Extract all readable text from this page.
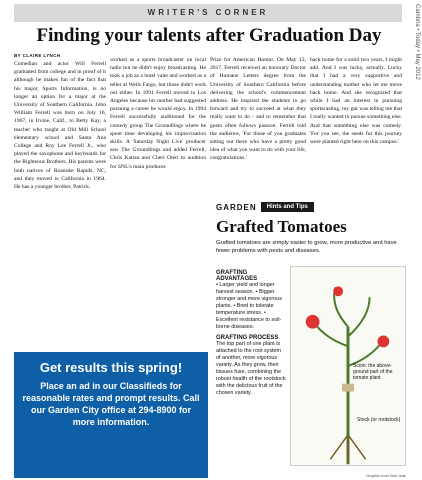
WRITER'S CORNER	Cambria • Today • May 2012
Finding your talents after Graduation Day
BY CLAIRE LYNCH
Comedian and actor Will Ferrell graduated from college and in proof of it although he makes fun of the fact that his major, Sports Information, is no longer an option for a major at the University of Southern California. John William Ferrell was born on July 16, 1967, in Irvine, Calif., to Betty Kay, a teacher who taught at Old Mill School elementary school and Santa Ana College and Roy Lee Ferrell Jr., who played the saxophone and keyboards for the Righteous Brothers. His parents were both natives of Roanoke Rapids, NC, and they moved to California in 1964. He has a younger brother, Patrick.
worked as a sports broadcaster on local radio but he didn't enjoy broadcasting. He took a job as a hotel valet and worked as a teller at Wells Fargo, but those didn't work out either. In 1991 Ferrell moved to Los Angeles because his mother had suggested pursuing a career he would enjoy. In 1994 Ferrell successfully auditioned for the comedy group The Groundlings where he spent time developing his improvisation skills. A 'Saturday Night Live' producer saw The Groundlings and added Ferrell, Chris Kattan and Cheri Oteri to audition for SNL's main producer.
Prize for American Humor. On May 13, 2017, Ferrell received an honorary Doctor of Humane Letters degree from the University of Southern California before delivering the school's commencement address. He inspired the students to go forward and try to succeed at what they really want to do - and to remember that gusto often follows passion. Ferrell told the audience, 'For those of you graduates sitting out there who have a pretty good idea of what you want to do with your life, congratulations.'
back home for a solid two years, I might add. And I was lucky, actually. Lucky that I had a very supportive and understanding mother who let me move back home. And she recognized that while I had an interest in pursuing sportscasting, my gut was telling me that I really wanted to pursue something else. And that something else was comedy. 'For you see, the seeds for this journey were planted right here on this campus.'
Get results this spring!
Place an ad in our Classifieds for reasonable rates and prompt results. Call our Garden City office at 294-8900 for more information.
GARDEN	Hints and Tips
Grafted Tomatoes
Grafted tomatoes are simply easier to grow, more productive and have fewer problems with pests and diseases.
GRAFTING ADVANTAGES
• Larger yield and longer harvest season. • Bigger stronger and more vigorous plants. • Bred to tolerate temperature stress. • Excellent resistance to soil-borne diseases.
GRAFTING PROCESS
The top part of one plant is attached to the root system of another, more vigorous variety. As they grow, their tissues fuse, combining the robust health of the rootstock with the delicious fruit of the chosen variety.
Scion: the above-ground part of the tomato plant
Stock (or rootstock)
Graphic from Bob Isak
